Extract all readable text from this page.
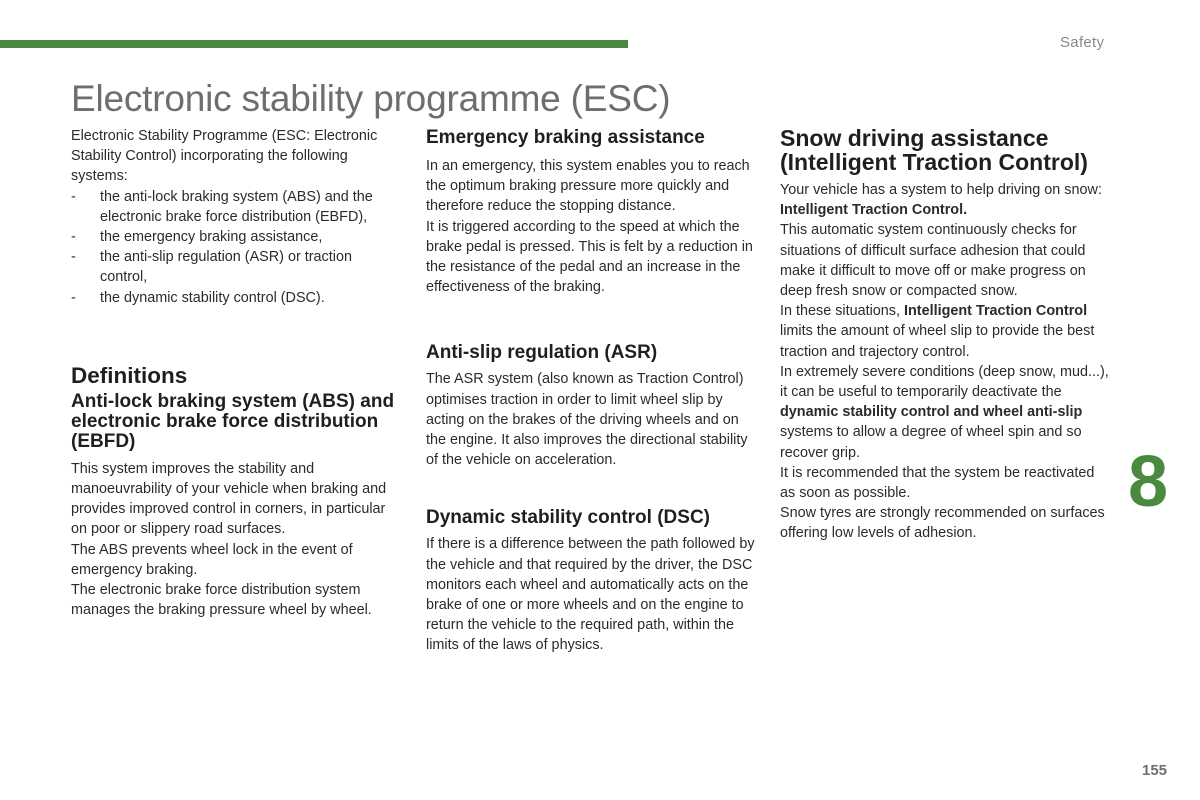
Safety
Electronic stability programme (ESC)

Electronic Stability Programme (ESC: Electronic Stability Control) incorporating the following systems:

- the anti-lock braking system (ABS) and the electronic brake force distribution (EBFD),
- the emergency braking assistance,
- the anti-slip regulation (ASR) or traction control,
- the dynamic stability control (DSC).
Definitions
Anti-lock braking system (ABS) and electronic brake force distribution (EBFD)

This system improves the stability and manoeuvrability of your vehicle when braking and provides improved control in corners, in particular on poor or slippery road surfaces.

The ABS prevents wheel lock in the event of emergency braking.

The electronic brake force distribution system manages the braking pressure wheel by wheel.

Emergency braking assistance

In an emergency, this system enables you to reach the optimum braking pressure more quickly and therefore reduce the stopping distance.

It is triggered according to the speed at which the brake pedal is pressed. This is felt by a reduction in the resistance of the pedal and an increase in the effectiveness of the braking.

Anti-slip regulation (ASR)

The ASR system (also known as Traction Control) optimises traction in order to limit wheel slip by acting on the brakes of the driving wheels and on the engine. It also improves the directional stability of the vehicle on acceleration.

Dynamic stability control (DSC)

If there is a difference between the path followed by the vehicle and that required by the driver, the DSC monitors each wheel and automatically acts on the brake of one or more wheels and on the engine to return the vehicle to the required path, within the limits of the laws of physics.

Snow driving assistance (Intelligent Traction Control)

Your vehicle has a system to help driving on snow: Intelligent Traction Control.

This automatic system continuously checks for situations of difficult surface adhesion that could make it difficult to move off or make progress on deep fresh snow or compacted snow.

In these situations, Intelligent Traction Control limits the amount of wheel slip to provide the best traction and trajectory control.

In extremely severe conditions (deep snow, mud...), it can be useful to temporarily deactivate the dynamic stability control and wheel anti-slip systems to allow a degree of wheel spin and so recover grip.

It is recommended that the system be reactivated as soon as possible.

Snow tyres are strongly recommended on surfaces offering low levels of adhesion.

8
155
